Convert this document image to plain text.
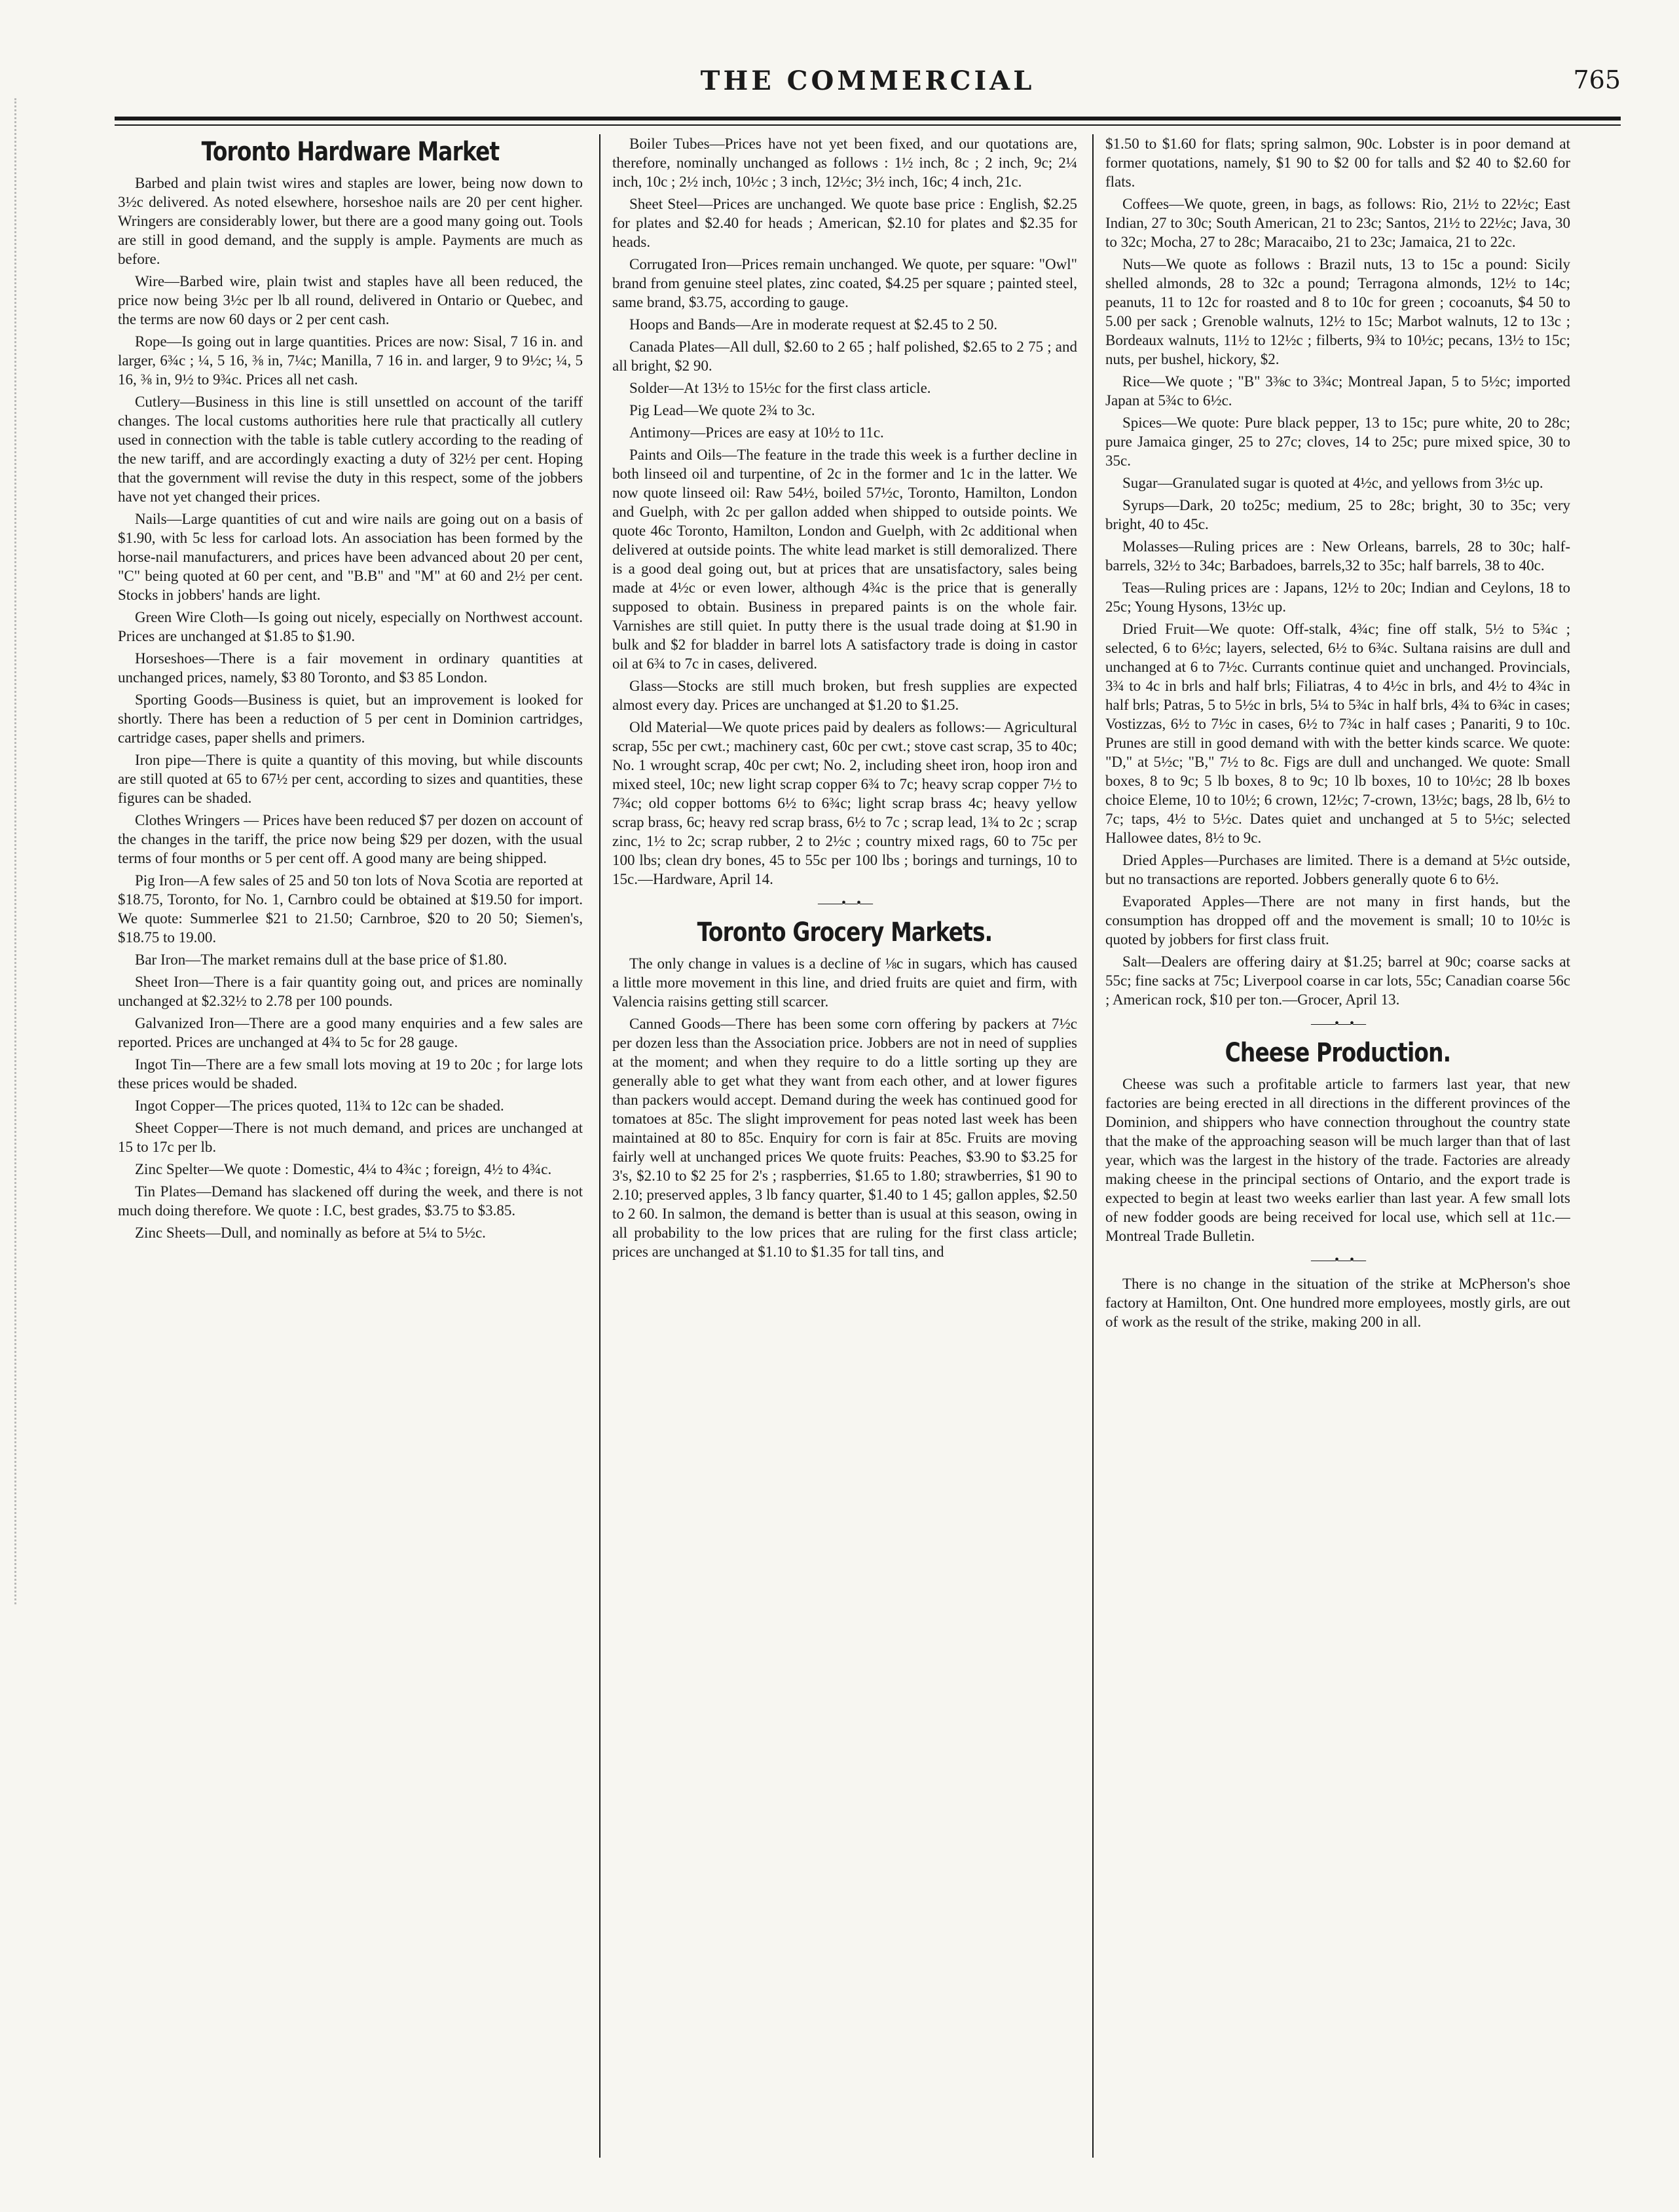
THE COMMERCIAL	765
Toronto Hardware Market

Barbed and plain twist wires and staples are lower, being now down to 3½c delivered. As noted elsewhere, horseshoe nails are 20 per cent higher. Wringers are considerably lower, but there are a good many going out. Tools are still in good demand, and the supply is ample. Payments are much as before.

Wire—Barbed wire, plain twist and staples have all been reduced, the price now being 3½c per lb all round, delivered in Ontario or Quebec, and the terms are now 60 days or 2 per cent cash.

Rope—Is going out in large quantities. Prices are now: Sisal, 7 16 in. and larger, 6¾c ; ¼, 5 16, ⅜ in, 7¼c; Manilla, 7 16 in. and larger, 9 to 9½c; ¼, 5 16, ⅜ in, 9½ to 9¾c. Prices all net cash.

Cutlery—Business in this line is still unsettled on account of the tariff changes. The local customs authorities here rule that practically all cutlery used in connection with the table is table cutlery according to the reading of the new tariff, and are accordingly exacting a duty of 32½ per cent. Hoping that the government will revise the duty in this respect, some of the jobbers have not yet changed their prices.

Nails—Large quantities of cut and wire nails are going out on a basis of $1.90, with 5c less for carload lots. An association has been formed by the horse-nail manufacturers, and prices have been advanced about 20 per cent, "C" being quoted at 60 per cent, and "B.B" and "M" at 60 and 2½ per cent. Stocks in jobbers' hands are light.

Green Wire Cloth—Is going out nicely, especially on Northwest account. Prices are unchanged at $1.85 to $1.90.

Horseshoes—There is a fair movement in ordinary quantities at unchanged prices, namely, $3 80 Toronto, and $3 85 London.

Sporting Goods—Business is quiet, but an improvement is looked for shortly. There has been a reduction of 5 per cent in Dominion cartridges, cartridge cases, paper shells and primers.

Iron pipe—There is quite a quantity of this moving, but while discounts are still quoted at 65 to 67½ per cent, according to sizes and quantities, these figures can be shaded.

Clothes Wringers — Prices have been reduced $7 per dozen on account of the changes in the tariff, the price now being $29 per dozen, with the usual terms of four months or 5 per cent off. A good many are being shipped.

Pig Iron—A few sales of 25 and 50 ton lots of Nova Scotia are reported at $18.75, Toronto, for No. 1, Carnbro could be obtained at $19.50 for import. We quote: Summerlee $21 to 21.50; Carnbroe, $20 to 20 50; Siemen's, $18.75 to 19.00.

Bar Iron—The market remains dull at the base price of $1.80.

Sheet Iron—There is a fair quantity going out, and prices are nominally unchanged at $2.32½ to 2.78 per 100 pounds.

Galvanized Iron—There are a good many enquiries and a few sales are reported. Prices are unchanged at 4¾ to 5c for 28 gauge.

Ingot Tin—There are a few small lots moving at 19 to 20c ; for large lots these prices would be shaded.

Ingot Copper—The prices quoted, 11¾ to 12c can be shaded.

Sheet Copper—There is not much demand, and prices are unchanged at 15 to 17c per lb.

Zinc Spelter—We quote : Domestic, 4¼ to 4¾c ; foreign, 4½ to 4¾c.

Tin Plates—Demand has slackened off during the week, and there is not much doing therefore. We quote : I.C, best grades, $3.75 to $3.85.

Zinc Sheets—Dull, and nominally as before at 5¼ to 5½c.

Boiler Tubes—Prices have not yet been fixed, and our quotations are, therefore, nominally unchanged as follows : 1½ inch, 8c ; 2 inch, 9c; 2¼ inch, 10c ; 2½ inch, 10½c ; 3 inch, 12½c; 3½ inch, 16c; 4 inch, 21c.

Sheet Steel—Prices are unchanged. We quote base price : English, $2.25 for plates and $2.40 for heads ; American, $2.10 for plates and $2.35 for heads.

Corrugated Iron—Prices remain unchanged. We quote, per square: "Owl" brand from genuine steel plates, zinc coated, $4.25 per square ; painted steel, same brand, $3.75, according to gauge.

Hoops and Bands—Are in moderate request at $2.45 to 2 50.

Canada Plates—All dull, $2.60 to 2 65 ; half polished, $2.65 to 2 75 ; and all bright, $2 90.

Solder—At 13½ to 15½c for the first class article.

Pig Lead—We quote 2¾ to 3c.

Antimony—Prices are easy at 10½ to 11c.

Paints and Oils—The feature in the trade this week is a further decline in both linseed oil and turpentine, of 2c in the former and 1c in the latter. We now quote linseed oil: Raw 54½, boiled 57½c, Toronto, Hamilton, London and Guelph, with 2c per gallon added when shipped to outside points. We quote 46c Toronto, Hamilton, London and Guelph, with 2c additional when delivered at outside points. The white lead market is still demoralized. There is a good deal going out, but at prices that are unsatisfactory, sales being made at 4½c or even lower, although 4¾c is the price that is generally supposed to obtain. Business in prepared paints is on the whole fair. Varnishes are still quiet. In putty there is the usual trade doing at $1.90 in bulk and $2 for bladder in barrel lots A satisfactory trade is doing in castor oil at 6¾ to 7c in cases, delivered.

Glass—Stocks are still much broken, but fresh supplies are expected almost every day. Prices are unchanged at $1.20 to $1.25.

Old Material—We quote prices paid by dealers as follows:— Agricultural scrap, 55c per cwt.; machinery cast, 60c per cwt.; stove cast scrap, 35 to 40c; No. 1 wrought scrap, 40c per cwt; No. 2, including sheet iron, hoop iron and mixed steel, 10c; new light scrap copper 6¾ to 7c; heavy scrap copper 7½ to 7¾c; old copper bottoms 6½ to 6¾c; light scrap brass 4c; heavy yellow scrap brass, 6c; heavy red scrap brass, 6½ to 7c ; scrap lead, 1¾ to 2c ; scrap zinc, 1½ to 2c; scrap rubber, 2 to 2½c ; country mixed rags, 60 to 75c per 100 lbs; clean dry bones, 45 to 55c per 100 lbs ; borings and turnings, 10 to 15c.—Hardware, April 14.

——•—•—
Toronto Grocery Markets.

The only change in values is a decline of ⅛c in sugars, which has caused a little more movement in this line, and dried fruits are quiet and firm, with Valencia raisins getting still scarcer.

Canned Goods—There has been some corn offering by packers at 7½c per dozen less than the Association price. Jobbers are not in need of supplies at the moment; and when they require to do a little sorting up they are generally able to get what they want from each other, and at lower figures than packers would accept. Demand during the week has continued good for tomatoes at 85c. The slight improvement for peas noted last week has been maintained at 80 to 85c. Enquiry for corn is fair at 85c. Fruits are moving fairly well at unchanged prices We quote fruits: Peaches, $3.90 to $3.25 for 3's, $2.10 to $2 25 for 2's ; raspberries, $1.65 to 1.80; strawberries, $1 90 to 2.10; preserved apples, 3 lb fancy quarter, $1.40 to 1 45; gallon apples, $2.50 to 2 60. In salmon, the demand is better than is usual at this season, owing in all probability to the low prices that are ruling for the first class article; prices are unchanged at $1.10 to $1.35 for tall tins, and

$1.50 to $1.60 for flats; spring salmon, 90c. Lobster is in poor demand at former quotations, namely, $1 90 to $2 00 for talls and $2 40 to $2.60 for flats.

Coffees—We quote, green, in bags, as follows: Rio, 21½ to 22½c; East Indian, 27 to 30c; South American, 21 to 23c; Santos, 21½ to 22½c; Java, 30 to 32c; Mocha, 27 to 28c; Maracaibo, 21 to 23c; Jamaica, 21 to 22c.

Nuts—We quote as follows : Brazil nuts, 13 to 15c a pound: Sicily shelled almonds, 28 to 32c a pound; Terragona almonds, 12½ to 14c; peanuts, 11 to 12c for roasted and 8 to 10c for green ; cocoanuts, $4 50 to 5.00 per sack ; Grenoble walnuts, 12½ to 15c; Marbot walnuts, 12 to 13c ; Bordeaux walnuts, 11½ to 12½c ; filberts, 9¾ to 10½c; pecans, 13½ to 15c; nuts, per bushel, hickory, $2.

Rice—We quote ; "B" 3⅜c to 3¾c; Montreal Japan, 5 to 5½c; imported Japan at 5¾c to 6½c.

Spices—We quote: Pure black pepper, 13 to 15c; pure white, 20 to 28c; pure Jamaica ginger, 25 to 27c; cloves, 14 to 25c; pure mixed spice, 30 to 35c.

Sugar—Granulated sugar is quoted at 4½c, and yellows from 3½c up.

Syrups—Dark, 20 to25c; medium, 25 to 28c; bright, 30 to 35c; very bright, 40 to 45c.

Molasses—Ruling prices are : New Orleans, barrels, 28 to 30c; half-barrels, 32½ to 34c; Barbadoes, barrels,32 to 35c; half barrels, 38 to 40c.

Teas—Ruling prices are : Japans, 12½ to 20c; Indian and Ceylons, 18 to 25c; Young Hysons, 13½c up.

Dried Fruit—We quote: Off-stalk, 4¾c; fine off stalk, 5½ to 5¾c ; selected, 6 to 6½c; layers, selected, 6½ to 6¾c. Sultana raisins are dull and unchanged at 6 to 7½c. Currants continue quiet and unchanged. Provincials, 3¾ to 4c in brls and half brls; Filiatras, 4 to 4½c in brls, and 4½ to 4¾c in half brls; Patras, 5 to 5½c in brls, 5¼ to 5¾c in half brls, 4¾ to 6¾c in cases; Vostizzas, 6½ to 7½c in cases, 6½ to 7¾c in half cases ; Panariti, 9 to 10c. Prunes are still in good demand with with the better kinds scarce. We quote: "D," at 5½c; "B," 7½ to 8c. Figs are dull and unchanged. We quote: Small boxes, 8 to 9c; 5 lb boxes, 8 to 9c; 10 lb boxes, 10 to 10½c; 28 lb boxes choice Eleme, 10 to 10½; 6 crown, 12½c; 7-crown, 13½c; bags, 28 lb, 6½ to 7c; taps, 4½ to 5½c. Dates quiet and unchanged at 5 to 5½c; selected Hallowee dates, 8½ to 9c.

Dried Apples—Purchases are limited. There is a demand at 5½c outside, but no transactions are reported. Jobbers generally quote 6 to 6½.

Evaporated Apples—There are not many in first hands, but the consumption has dropped off and the movement is small; 10 to 10½c is quoted by jobbers for first class fruit.

Salt—Dealers are offering dairy at $1.25; barrel at 90c; coarse sacks at 55c; fine sacks at 75c; Liverpool coarse in car lots, 55c; Canadian coarse 56c ; American rock, $10 per ton.—Grocer, April 13.

——•—•—
Cheese Production.

Cheese was such a profitable article to farmers last year, that new factories are being erected in all directions in the different provinces of the Dominion, and shippers who have connection throughout the country state that the make of the approaching season will be much larger than that of last year, which was the largest in the history of the trade. Factories are already making cheese in the principal sections of Ontario, and the export trade is expected to begin at least two weeks earlier than last year. A few small lots of new fodder goods are being received for local use, which sell at 11c.—Montreal Trade Bulletin.

——•—•—

There is no change in the situation of the strike at McPherson's shoe factory at Hamilton, Ont. One hundred more employees, mostly girls, are out of work as the result of the strike, making 200 in all.
